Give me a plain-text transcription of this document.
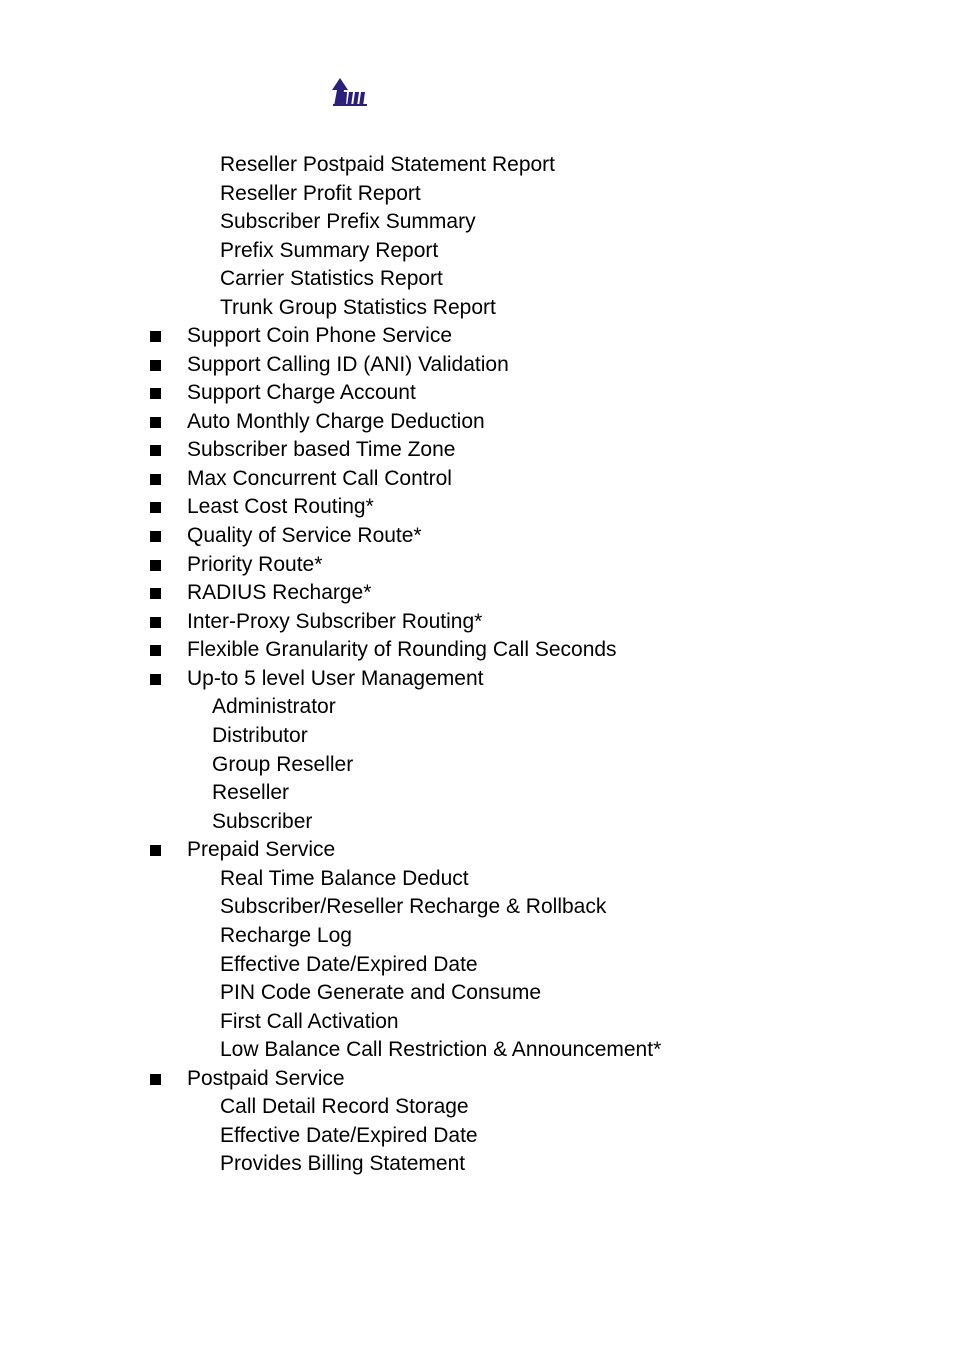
Reseller Postpaid Statement Report
Reseller Profit Report
Subscriber Prefix Summary
Prefix Summary Report
Carrier Statistics Report
Trunk Group Statistics Report
Support Coin Phone Service
Support Calling ID (ANI) Validation
Support Charge Account
Auto Monthly Charge Deduction
Subscriber based Time Zone
Max Concurrent Call Control
Least Cost Routing*
Quality of Service Route*
Priority Route*
RADIUS Recharge*
Inter-Proxy Subscriber Routing*
Flexible Granularity of Rounding Call Seconds
Up-to 5 level User Management
Administrator
Distributor
Group Reseller
Reseller
Subscriber
Prepaid Service
Real Time Balance Deduct
Subscriber/Reseller Recharge & Rollback
Recharge Log
Effective Date/Expired Date
PIN Code Generate and Consume
First Call Activation
Low Balance Call Restriction & Announcement*
Postpaid Service
Call Detail Record Storage
Effective Date/Expired Date
Provides Billing Statement
